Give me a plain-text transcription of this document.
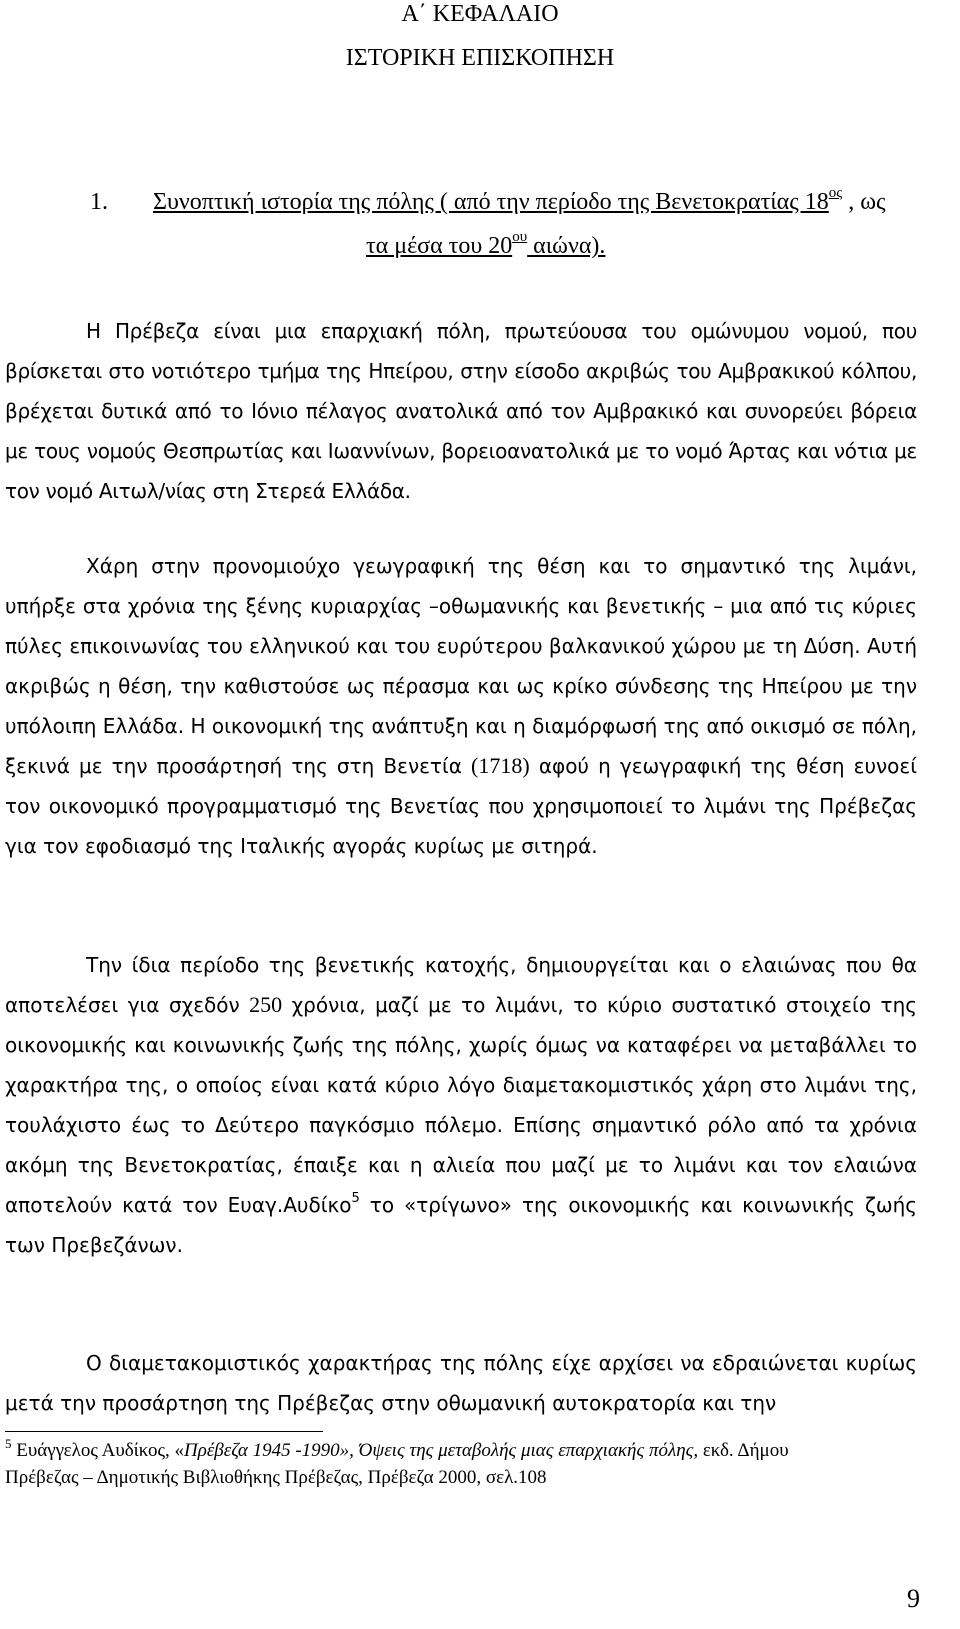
Α΄ ΚΕΦΑΛΑΙΟ
ΙΣΤΟΡΙΚΗ ΕΠΙΣΚΟΠΗΣΗ
1. Συνοπτική ιστορία της πόλης ( από την περίοδο της Βενετοκρατίας $18^{o\varsigma}$ , ως
τα μέσα του $20^{o\upsilon}$ αιώνα).

Η Πρέβεζα είναι μια επαρχιακή πόλη, πρωτεύουσα του ομώνυμου νομού, που βρίσκεται στο νοτιότερο τμήμα της Ηπείρου, στην είσοδο ακριβώς του Αμβρακικού κόλπου, βρέχεται δυτικά από το Ιόνιο πέλαγος ανατολικά από τον Αμβρακικό και συνορεύει βόρεια με τους νομούς Θεσπρωτίας και Ιωαννίνων, βορειοανατολικά με το νομό Άρτας και νότια με τον νομό Αιτωλ/νίας στη Στερεά Ελλάδα.

Χάρη στην προνομιούχο γεωγραφική της θέση και το σημαντικό της λιμάνι, υπήρξε στα χρόνια της ξένης κυριαρχίας –οθωμανικής και βενετικής – μια από τις κύριες πύλες επικοινωνίας του ελληνικού και του ευρύτερου βαλκανικού χώρου με τη Δύση. Αυτή ακριβώς η θέση, την καθιστούσε ως πέρασμα και ως κρίκο σύνδεσης της Ηπείρου με την υπόλοιπη Ελλάδα. Η οικονομική της ανάπτυξη και η διαμόρφωσή της από οικισμό σε πόλη, ξεκινά με την προσάρτησή της στη Βενετία (1718) αφού η γεωγραφική της θέση ευνοεί τον οικονομικό προγραμματισμό της Βενετίας που χρησιμοποιεί το λιμάνι της Πρέβεζας για τον εφοδιασμό της Ιταλικής αγοράς κυρίως με σιτηρά.

Την ίδια περίοδο της βενετικής κατοχής, δημιουργείται και ο ελαιώνας που θα αποτελέσει για σχεδόν 250 χρόνια, μαζί με το λιμάνι, το κύριο συστατικό στοιχείο της οικονομικής και κοινωνικής ζωής της πόλης, χωρίς όμως να καταφέρει να μεταβάλλει το χαρακτήρα της, ο οποίος είναι κατά κύριο λόγο διαμετακομιστικός χάρη στο λιμάνι της, τουλάχιστο έως το Δεύτερο παγκόσμιο πόλεμο. Επίσης σημαντικό ρόλο από τα χρόνια ακόμη της Βενετοκρατίας, έπαιξε και η αλιεία που μαζί με το λιμάνι και τον ελαιώνα αποτελούν κατά τον Ευαγ.Αυδίκο$^5$ το «τρίγωνο» της οικονομικής και κοινωνικής ζωής των Πρεβεζάνων.

Ο διαμετακομιστικός χαρακτήρας της πόλης είχε αρχίσει να εδραιώνεται κυρίως μετά την προσάρτηση της Πρέβεζας στην οθωμανική αυτοκρατορία και την

$^5$ Ευάγγελος Αυδίκος, «Πρέβεζα 1945 -1990», Όψεις της μεταβολής μιας επαρχιακής πόλης, εκδ. Δήμου
Πρέβεζας – Δημοτικής Βιβλιοθήκης Πρέβεζας, Πρέβεζα 2000, σελ.108
9
